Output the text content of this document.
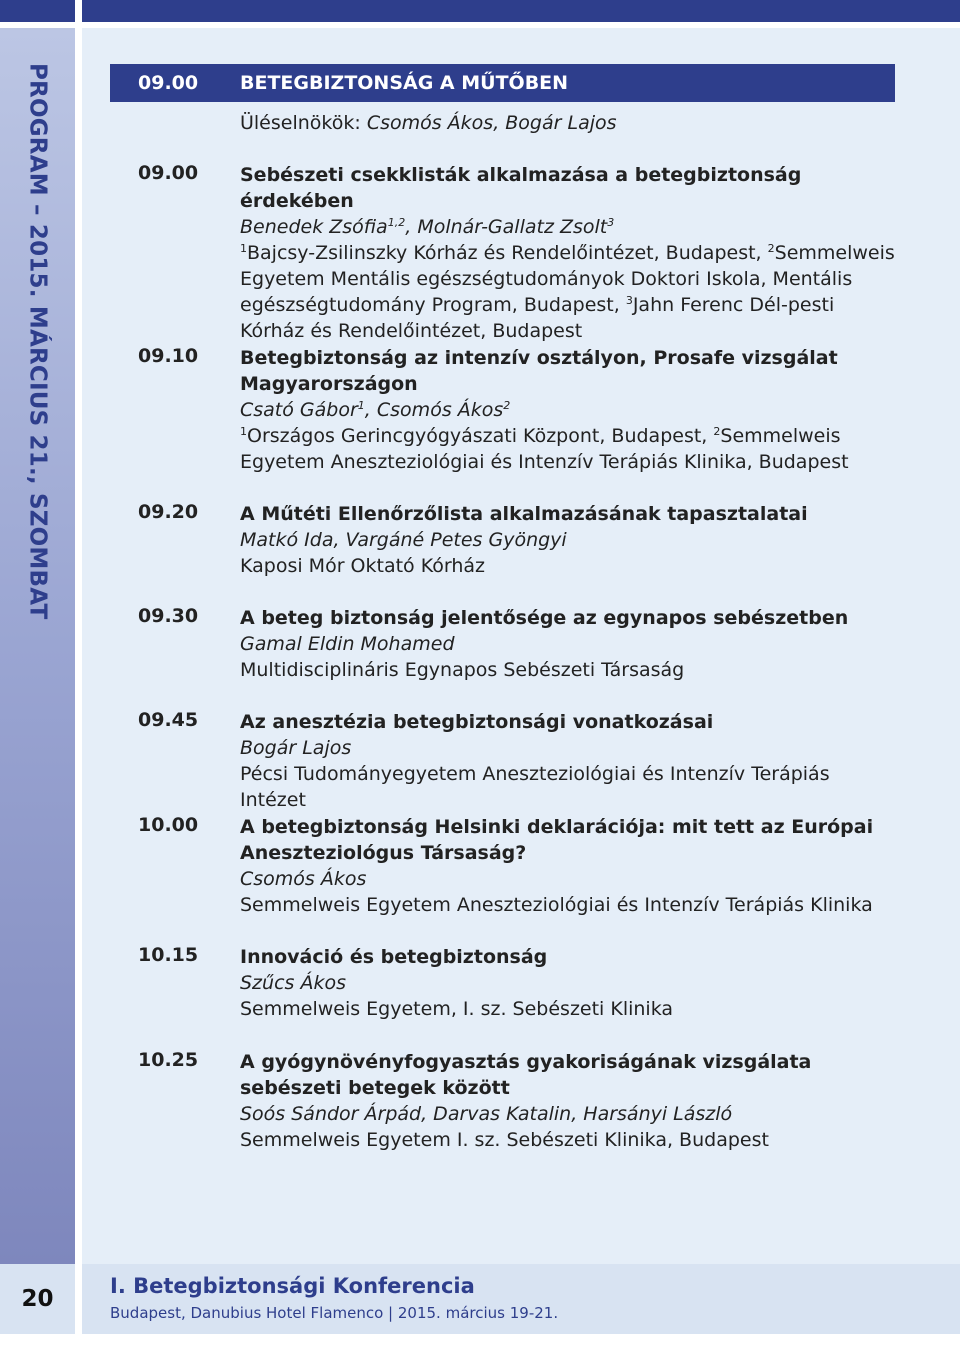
PROGRAM – 2015. MÁRCIUS 21., SZOMBAT	09.00 BETEGBIZTONSÁG A MŰTŐBEN
Üléselnökök: Csomós Ákos, Bogár Lajos
09.00 Sebészeti csekklisták alkalmazása a betegbiztonság érdekében
Benedek Zsófia$^{1,2}$, Molnár-Gallatz Zsolt$^3$
$^1$Bajcsy-Zsilinszky Kórház és Rendelőintézet, Budapest, $^2$Semmelweis Egyetem Mentális egészségtudományok Doktori Iskola, Mentális egészségtudomány Program, Budapest, $^3$Jahn Ferenc Dél-pesti Kórház és Rendelőintézet, Budapest
09.10 Betegbiztonság az intenzív osztályon, Prosafe vizsgálat Magyarországon
Csató Gábor$^1$, Csomós Ákos$^2$
$^1$Országos Gerincgyógyászati Központ, Budapest, $^2$Semmelweis Egyetem Aneszteziológiai és Intenzív Terápiás Klinika, Budapest
09.20 A Műtéti Ellenőrzőlista alkalmazásának tapasztalatai
Matkó Ida, Vargáné Petes Gyöngyi
Kaposi Mór Oktató Kórház
09.30 A beteg biztonság jelentősége az egynapos sebészetben
Gamal Eldin Mohamed
Multidisciplináris Egynapos Sebészeti Társaság
09.45 Az anesztézia betegbiztonsági vonatkozásai
Bogár Lajos
Pécsi Tudományegyetem Aneszteziológiai és Intenzív Terápiás Intézet
10.00 A betegbiztonság Helsinki deklarációja: mit tett az Európai Aneszteziológus Társaság?
Csomós Ákos
Semmelweis Egyetem Aneszteziológiai és Intenzív Terápiás Klinika
10.15 Innováció és betegbiztonság
Szűcs Ákos
Semmelweis Egyetem, I. sz. Sebészeti Klinika
10.25 A gyógynövényfogyasztás gyakoriságának vizsgálata sebészeti betegek között
Soós Sándor Árpád, Darvas Katalin, Harsányi László
Semmelweis Egyetem I. sz. Sebészeti Klinika, Budapest
20	I. Betegbiztonsági Konferencia
Budapest, Danubius Hotel Flamenco | 2015. március 19-21.
